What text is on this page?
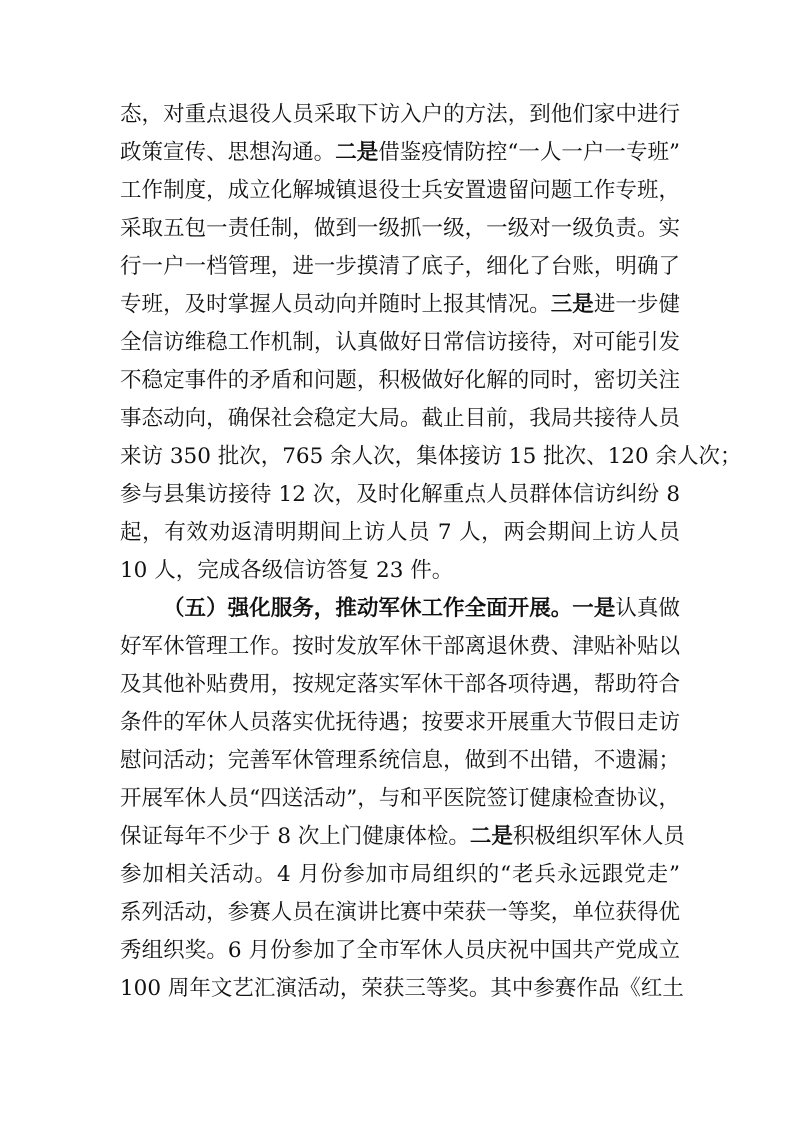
态，对重点退役人员采取下访入户的方法，到他们家中进行
政策宣传、思想沟通。二是借鉴疫情防控“一人一户一专班”
工作制度，成立化解城镇退役士兵安置遗留问题工作专班，
采取五包一责任制，做到一级抓一级，一级对一级负责。实
行一户一档管理，进一步摸清了底子，细化了台账，明确了
专班，及时掌握人员动向并随时上报其情况。三是进一步健
全信访维稳工作机制，认真做好日常信访接待，对可能引发
不稳定事件的矛盾和问题，积极做好化解的同时，密切关注
事态动向，确保社会稳定大局。截止目前，我局共接待人员
来访 350 批次，765 余人次，集体接访 15 批次、120 余人次；
参与县集访接待 12 次，及时化解重点人员群体信访纠纷 8
起，有效劝返清明期间上访人员 7 人，两会期间上访人员
10 人，完成各级信访答复 23 件。
（五）强化服务，推动军休工作全面开展。一是认真做
好军休管理工作。按时发放军休干部离退休费、津贴补贴以
及其他补贴费用，按规定落实军休干部各项待遇，帮助符合
条件的军休人员落实优抚待遇；按要求开展重大节假日走访
慰问活动；完善军休管理系统信息，做到不出错，不遗漏；
开展军休人员“四送活动”，与和平医院签订健康检查协议，
保证每年不少于 8 次上门健康体检。二是积极组织军休人员
参加相关活动。4 月份参加市局组织的“老兵永远跟党走”
系列活动，参赛人员在演讲比赛中荣获一等奖，单位获得优
秀组织奖。6 月份参加了全市军休人员庆祝中国共产党成立
100 周年文艺汇演活动，荣获三等奖。其中参赛作品《红土
